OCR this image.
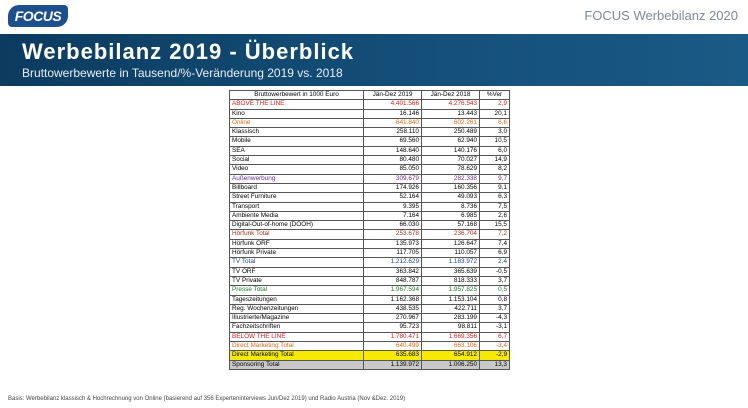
FOCUS	FOCUS Werbebilanz 2020
Werbebilanz 2019 - Überblick
Bruttowerbewerte in Tausend/%-Veränderung 2019 vs. 2018
Bruttowerbewert in 1000 Euro	Jän-Dez 2019	Jän-Dez 2018	%Ver
ABOVE THE LINE	4.401.566	4.276.543	2,9
Kino	16.146	13.443	20,1
Online	641.840	602.261	6,6
Klassisch	258.110	250.489	3,0
Mobile	69.560	62.940	10,5
SEA	148.640	140.176	6,0
Social	80.480	70.027	14,9
Video	85.050	78.629	8,2
Außenwerbung	309.679	282.338	9,7
Billboard	174.926	160.356	9,1
Street Furniture	52.164	49.093	6,3
Transport	9.395	8.736	7,5
Ambiente Media	7.164	6.985	2,6
Digital-Out-of-home (DOOH)	66.030	57.168	15,5
Hörfunk Total	253.678	236.704	7,2
Hörfunk ORF	135.973	126.647	7,4
Hörfunk Private	117.705	110.057	6,9
TV Total	1.212.629	1.183.972	2,4
TV ORF	363.842	365.639	-0,5
TV Private	848.787	818.333	3,7
Presse Total	1.967.594	1.957.825	0,5
Tageszeitungen	1.162.368	1.153.104	0,8
Reg. Wochenzeitungen	438.535	422.711	3,7
Illustrierte/Magazine	270.967	283.199	-4,3
Fachzeitschriften	95.723	98.811	-3,1
BELOW THE LINE	1.780.471	1.669.356	6,7
Direct Marketing Total	640.499	663.106	-3,4
Direct Marketing Total	635.683	654.912	-2,9
Sponsoring Total	1.139.972	1.006.250	13,3
Basis: Werbebilanz klassisch & Hochrechnung von Online (basierend auf 356 Experteninterviews Jun/Dez 2019) und Radio Austria (Nov &Dez. 2019)
